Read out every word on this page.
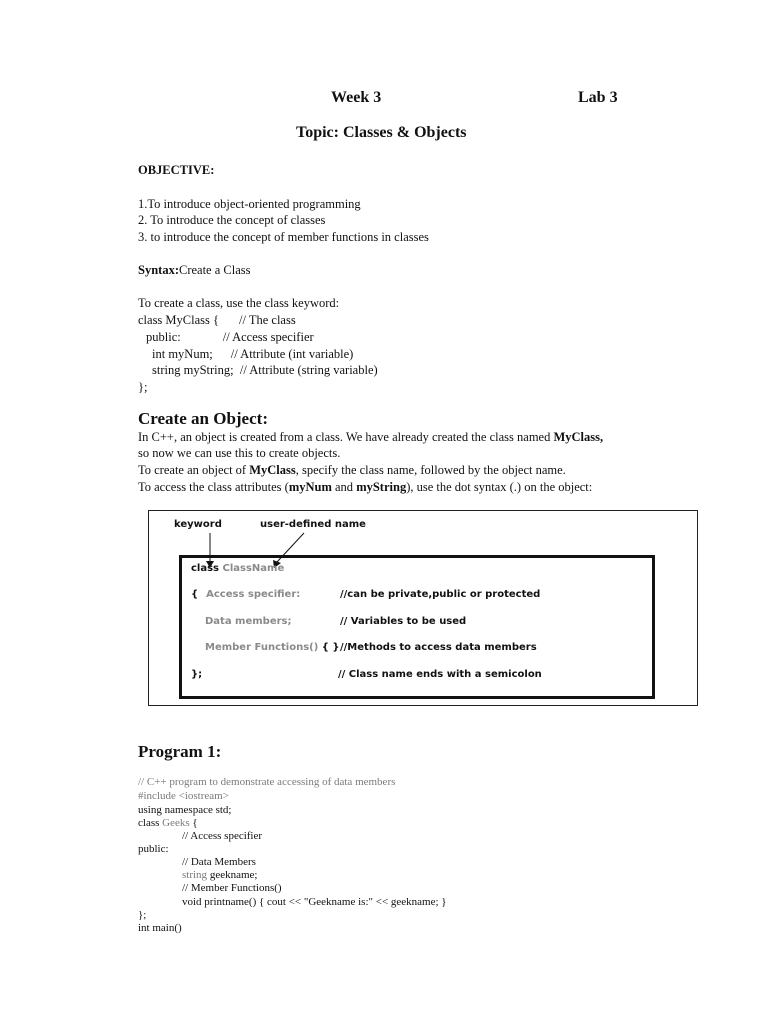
Week 3	Lab 3
Topic: Classes & Objects
OBJECTIVE:
1.To introduce object-oriented programming
2. To introduce the concept of classes
3. to introduce the concept of member functions in classes
Syntax:Create a Class
To create a class, use the class keyword:
class MyClass { // The class
public:	// Access specifier
int myNum; // Attribute (int variable)
string myString;  // Attribute (string variable)
};
Create an Object:
In C++, an object is created from a class. We have already created the class named MyClass,
so now we can use this to create objects.
To create an object of MyClass, specify the class name, followed by the object name.
To access the class attributes (myNum and myString), use the dot syntax (.) on the object:
keyword	user-defined name
class ClassName
{ Access specifier:	//can be private,public or protected
Data members;	// Variables to be used
Member Functions() { } //Methods to access data members
};	// Class name ends with a semicolon
Program 1:
// C++ program to demonstrate accessing of data members
#include <iostream>
using namespace std;
class Geeks {
// Access specifier
public:
// Data Members
string geekname;
// Member Functions()
void printname() { cout << "Geekname is:" << geekname; }
};
int main()
